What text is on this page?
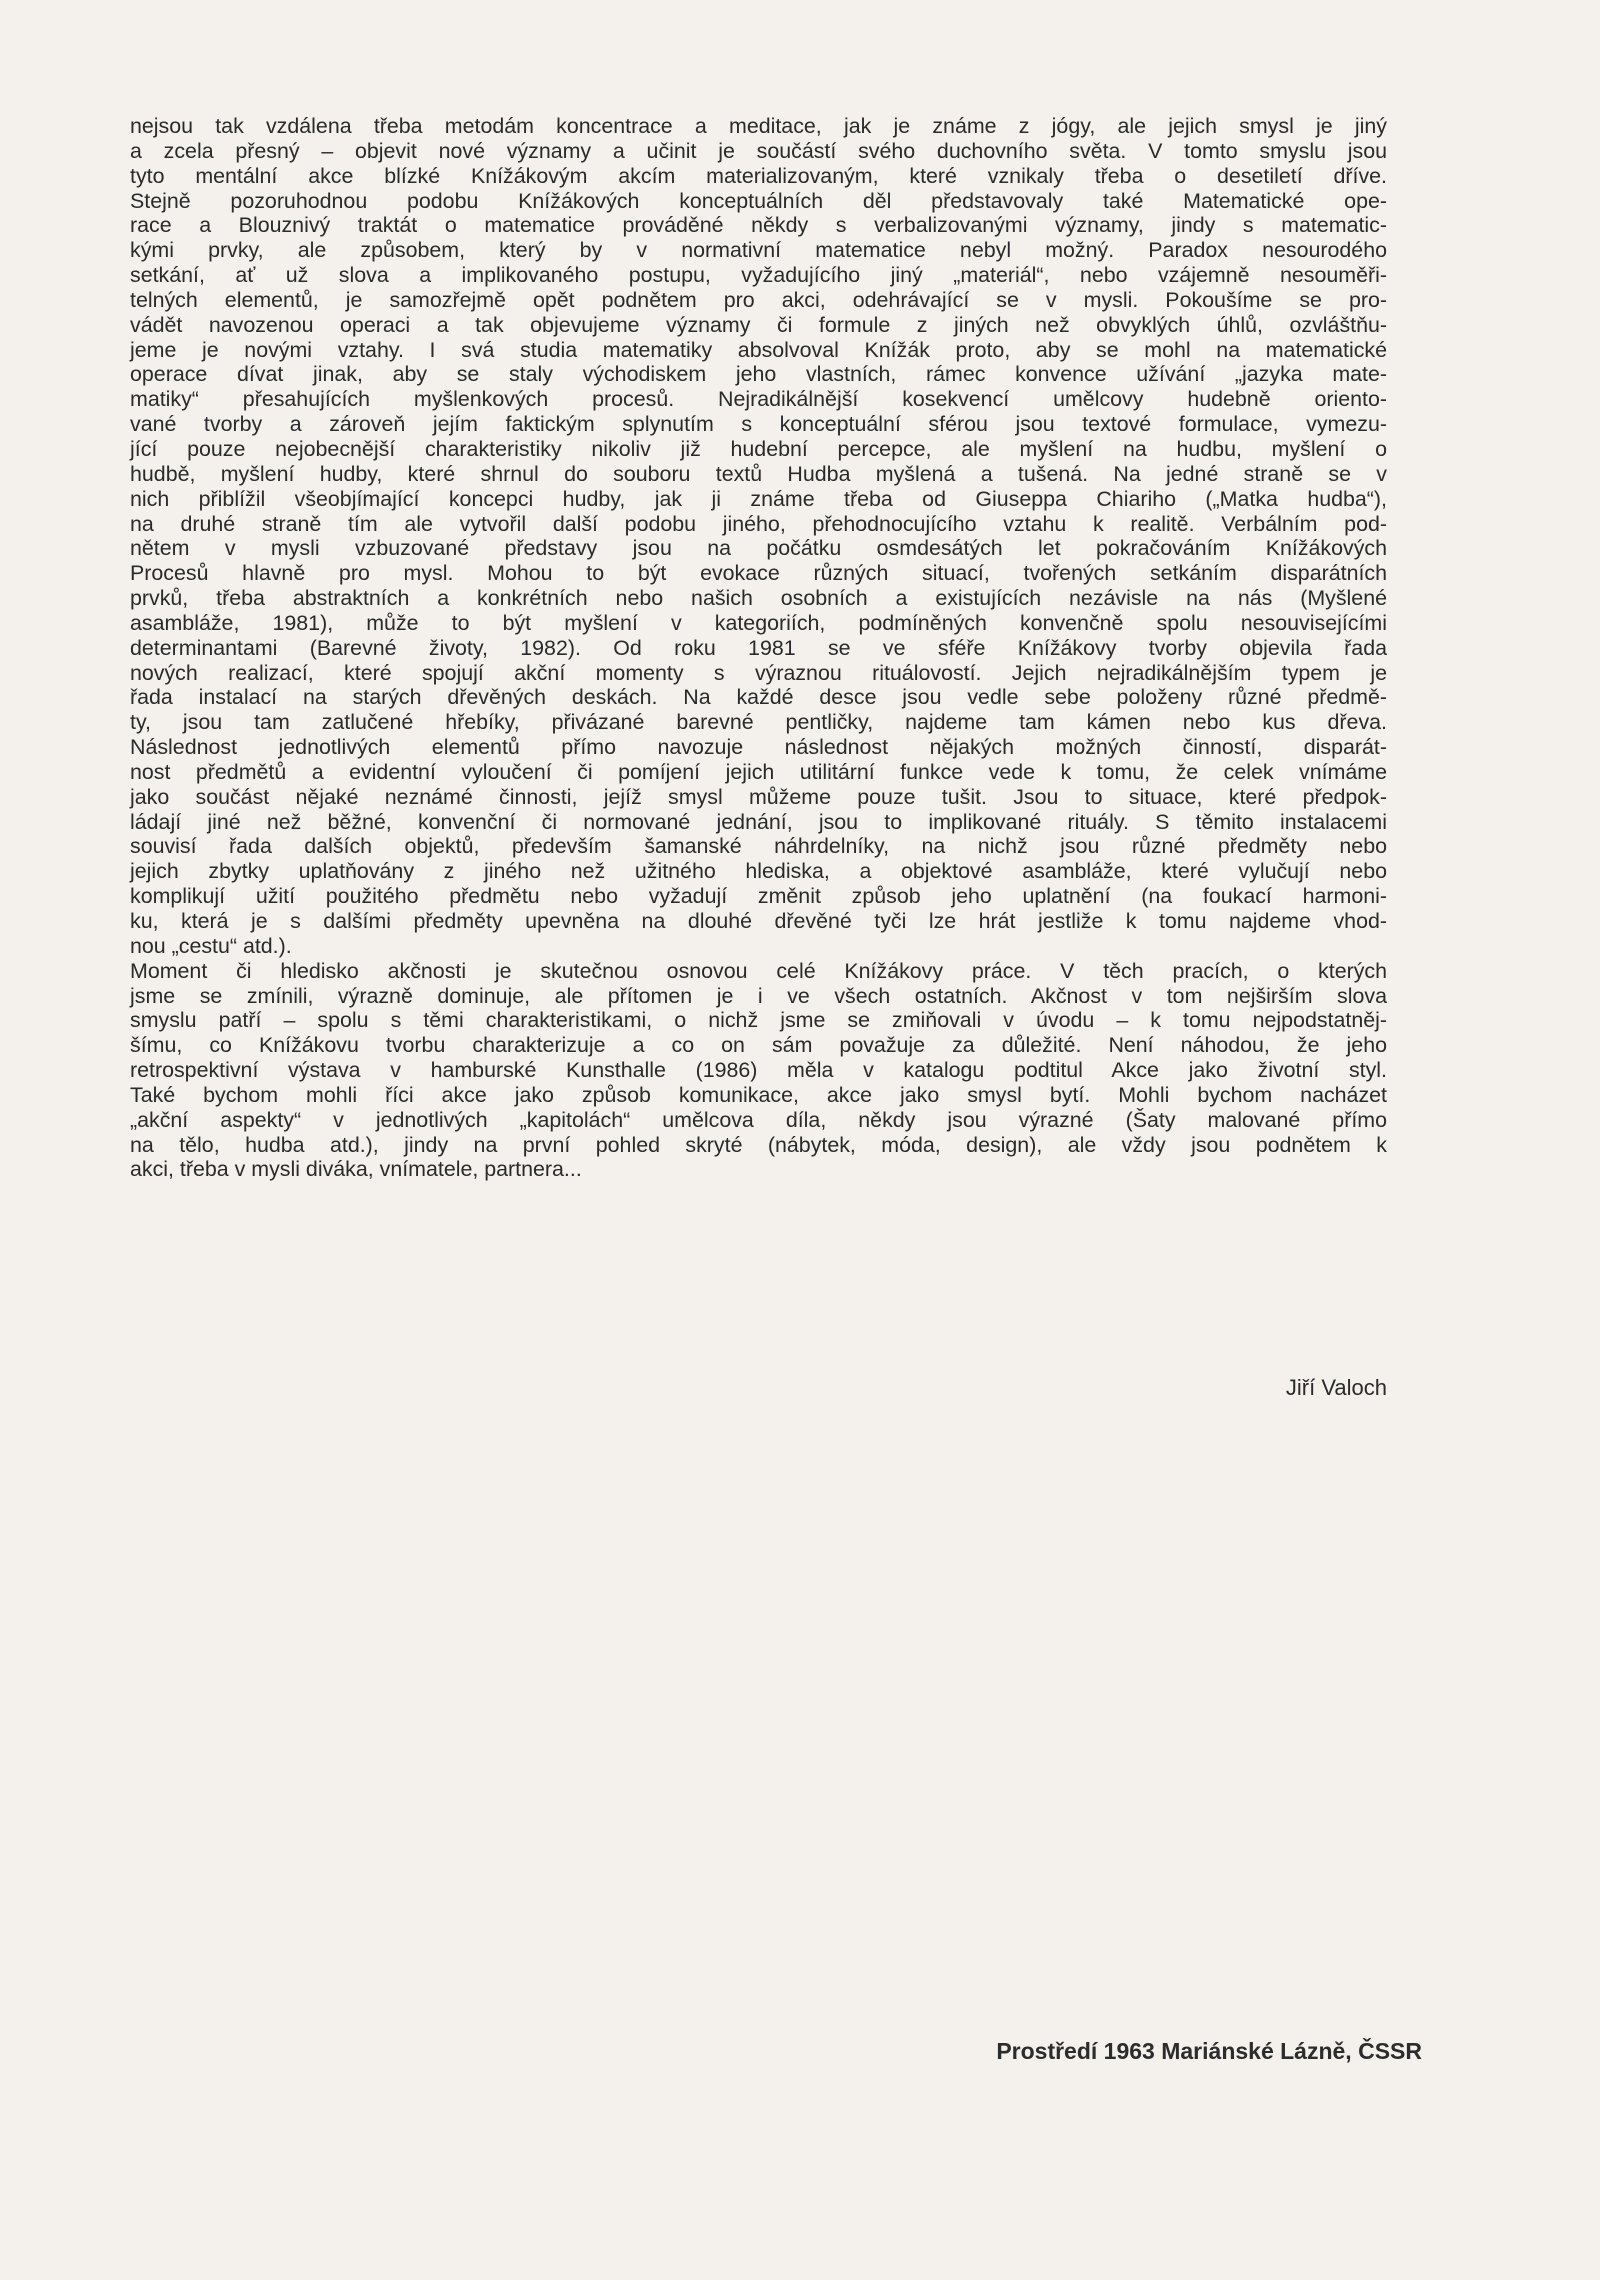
nejsou tak vzdálena třeba metodám koncentrace a meditace, jak je známe z jógy, ale jejich smysl je jiný
a zcela přesný – objevit nové významy a učinit je součástí svého duchovního světa. V tomto smyslu jsou
tyto mentální akce blízké Knížákovým akcím materializovaným, které vznikaly třeba o desetiletí dříve.
Stejně pozoruhodnou podobu Knížákových konceptuálních děl představovaly také Matematické ope-
race a Blouznivý traktát o matematice prováděné někdy s verbalizovanými významy, jindy s matematic-
kými prvky, ale způsobem, který by v normativní matematice nebyl možný. Paradox nesourodého
setkání, ať už slova a implikovaného postupu, vyžadujícího jiný „materiál“, nebo vzájemně nesouměři-
telných elementů, je samozřejmě opět podnětem pro akci, odehrávající se v mysli. Pokoušíme se pro-
vádět navozenou operaci a tak objevujeme významy či formule z jiných než obvyklých úhlů, ozvláštňu-
jeme je novými vztahy. I svá studia matematiky absolvoval Knížák proto, aby se mohl na matematické
operace dívat jinak, aby se staly východiskem jeho vlastních, rámec konvence užívání „jazyka mate-
matiky“ přesahujících myšlenkových procesů. Nejradikálnější kosekvencí umělcovy hudebně oriento-
vané tvorby a zároveň jejím faktickým splynutím s konceptuální sférou jsou textové formulace, vymezu-
jící pouze nejobecnější charakteristiky nikoliv již hudební percepce, ale myšlení na hudbu, myšlení o
hudbě, myšlení hudby, které shrnul do souboru textů Hudba myšlená a tušená. Na jedné straně se v
nich přiblížil všeobjímající koncepci hudby, jak ji známe třeba od Giuseppa Chiariho („Matka hudba“),
na druhé straně tím ale vytvořil další podobu jiného, přehodnocujícího vztahu k realitě. Verbálním pod-
nětem v mysli vzbuzované představy jsou na počátku osmdesátých let pokračováním Knížákových
Procesů hlavně pro mysl. Mohou to být evokace různých situací, tvořených setkáním disparátních
prvků, třeba abstraktních a konkrétních nebo našich osobních a existujících nezávisle na nás (Myšlené
asambláže, 1981), může to být myšlení v kategoriích, podmíněných konvenčně spolu nesouvisejícími
determinantami (Barevné životy, 1982). Od roku 1981 se ve sféře Knížákovy tvorby objevila řada
nových realizací, které spojují akční momenty s výraznou rituálovostí. Jejich nejradikálnějším typem je
řada instalací na starých dřevěných deskách. Na každé desce jsou vedle sebe položeny různé předmě-
ty, jsou tam zatlučené hřebíky, přivázané barevné pentličky, najdeme tam kámen nebo kus dřeva.
Následnost jednotlivých elementů přímo navozuje následnost nějakých možných činností, disparát-
nost předmětů a evidentní vyloučení či pomíjení jejich utilitární funkce vede k tomu, že celek vnímáme
jako součást nějaké neznámé činnosti, jejíž smysl můžeme pouze tušit. Jsou to situace, které předpok-
ládají jiné než běžné, konvenční či normované jednání, jsou to implikované rituály. S těmito instalacemi
souvisí řada dalších objektů, především šamanské náhrdelníky, na nichž jsou různé předměty nebo
jejich zbytky uplatňovány z jiného než užitného hlediska, a objektové asambláže, které vylučují nebo
komplikují užití použitého předmětu nebo vyžadují změnit způsob jeho uplatnění (na foukací harmoni-
ku, která je s dalšími předměty upevněna na dlouhé dřevěné tyči lze hrát jestliže k tomu najdeme vhod-
nou „cestu“ atd.).
Moment či hledisko akčnosti je skutečnou osnovou celé Knížákovy práce. V těch pracích, o kterých
jsme se zmínili, výrazně dominuje, ale přítomen je i ve všech ostatních. Akčnost v tom nejširším slova
smyslu patří – spolu s těmi charakteristikami, o nichž jsme se zmiňovali v úvodu – k tomu nejpodstatněj-
šímu, co Knížákovu tvorbu charakterizuje a co on sám považuje za důležité. Není náhodou, že jeho
retrospektivní výstava v hamburské Kunsthalle (1986) měla v katalogu podtitul Akce jako životní styl.
Také bychom mohli říci akce jako způsob komunikace, akce jako smysl bytí. Mohli bychom nacházet
„akční aspekty“ v jednotlivých „kapitolách“ umělcova díla, někdy jsou výrazné (Šaty malované přímo
na tělo, hudba atd.), jindy na první pohled skryté (nábytek, móda, design), ale vždy jsou podnětem k
akci, třeba v mysli diváka, vnímatele, partnera...
Jiří Valoch
Prostředí 1963 Mariánské Lázně, ČSSR
